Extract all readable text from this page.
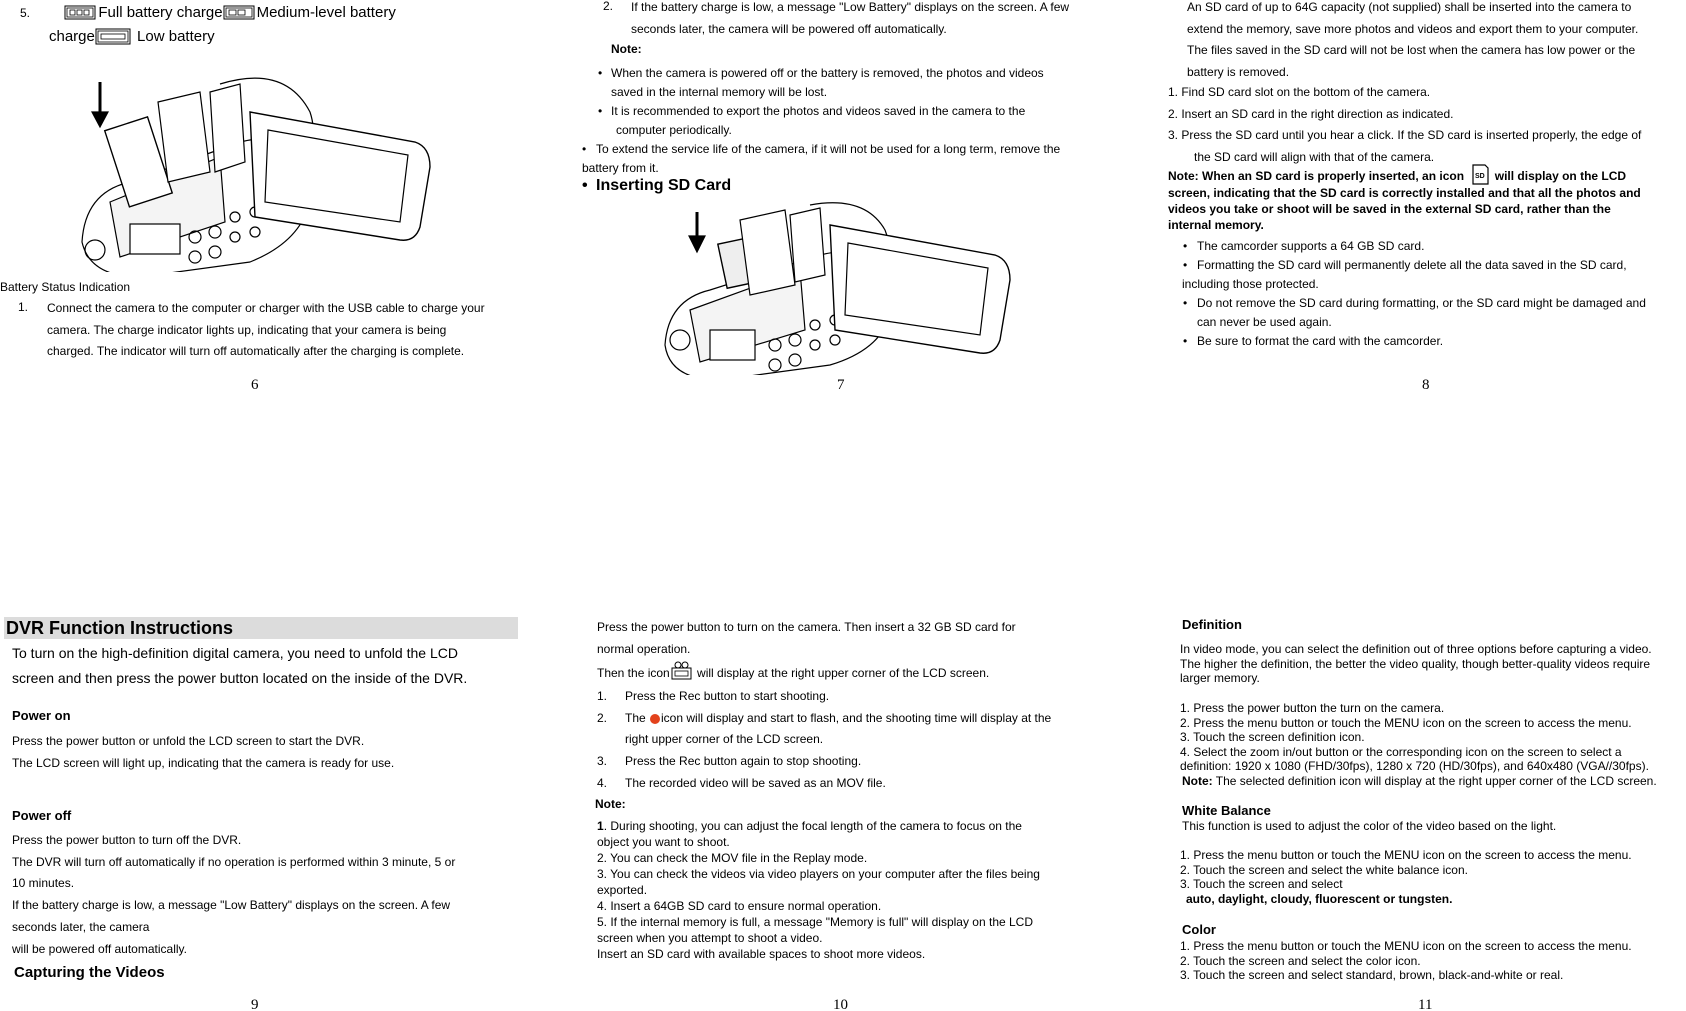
5.	Full battery charge Medium-level battery
charge	Low battery
Battery Status Indication
1.	Connect the camera to the computer or charger with the USB cable to charge your
camera. The charge indicator lights up, indicating that your camera is being
charged. The indicator will turn off automatically after the charging is complete.
6
2.	If the battery charge is low, a message "Low Battery" displays on the screen. A few
seconds later, the camera will be powered off automatically.
Note:
• When the camera is powered off or the battery is removed, the photos and videos
saved in the internal memory will be lost.
• It is recommended to export the photos and videos saved in the camera to the
computer periodically.
• To extend the service life of the camera, if it will not be used for a long term, remove the
battery from it.
• Inserting SD Card
7
An SD card of up to 64G capacity (not supplied) shall be inserted into the camera to
extend the memory, save more photos and videos and export them to your computer.
The files saved in the SD card will not be lost when the camera has low power or the
battery is removed.
1. Find SD card slot on the bottom of the camera.
2. Insert an SD card in the right direction as indicated.
3. Press the SD card until you hear a click. If the SD card is inserted properly, the edge of
the SD card will align with that of the camera.
Note: When an SD card is properly inserted, an icon SD will display on the LCD
screen, indicating that the SD card is correctly installed and that all the photos and
videos you take or shoot will be saved in the external SD card, rather than the
internal memory.
• The camcorder supports a 64 GB SD card.
• Formatting the SD card will permanently delete all the data saved in the SD card,
including those protected.
• Do not remove the SD card during formatting, or the SD card might be damaged and
can never be used again.
• Be sure to format the card with the camcorder.
8
DVR Function Instructions
To turn on the high-definition digital camera, you need to unfold the LCD
screen and then press the power button located on the inside of the DVR.
Power on
Press the power button or unfold the LCD screen to start the DVR.
The LCD screen will light up, indicating that the camera is ready for use.
Power off
Press the power button to turn off the DVR.
The DVR will turn off automatically if no operation is performed within 3 minute, 5 or
10 minutes.
If the battery charge is low, a message "Low Battery" displays on the screen. A few
seconds later, the camera
will be powered off automatically.
Capturing the Videos
9
Press the power button to turn on the camera. Then insert a 32 GB SD card for
normal operation.
Then the icon will display at the right upper corner of the LCD screen.
1.	Press the Rec button to start shooting.
2.	The icon will display and start to flash, and the shooting time will display at the
right upper corner of the LCD screen.
3.	Press the Rec button again to stop shooting.
4.	The recorded video will be saved as an MOV file.
Note:
1. During shooting, you can adjust the focal length of the camera to focus on the
object you want to shoot.
2. You can check the MOV file in the Replay mode.
3. You can check the videos via video players on your computer after the files being
exported.
4. Insert a 64GB SD card to ensure normal operation.
5. If the internal memory is full, a message "Memory is full" will display on the LCD
screen when you attempt to shoot a video.
Insert an SD card with available spaces to shoot more videos.
10
Definition
In video mode, you can select the definition out of three options before capturing a video.
The higher the definition, the better the video quality, though better-quality videos require
larger memory.
1. Press the power button the turn on the camera.
2. Press the menu button or touch the MENU icon on the screen to access the menu.
3. Touch the screen definition icon.
4. Select the zoom in/out button or the corresponding icon on the screen to select a
definition: 1920 x 1080 (FHD/30fps), 1280 x 720 (HD/30fps), and 640x480 (VGA//30fps).
Note: The selected definition icon will display at the right upper corner of the LCD screen.
White Balance
This function is used to adjust the color of the video based on the light.
1. Press the menu button or touch the MENU icon on the screen to access the menu.
2. Touch the screen and select the white balance icon.
3. Touch the screen and select
auto, daylight, cloudy, fluorescent or tungsten.
Color
1. Press the menu button or touch the MENU icon on the screen to access the menu.
2. Touch the screen and select the color icon.
3. Touch the screen and select standard, brown, black-and-white or real.
11
